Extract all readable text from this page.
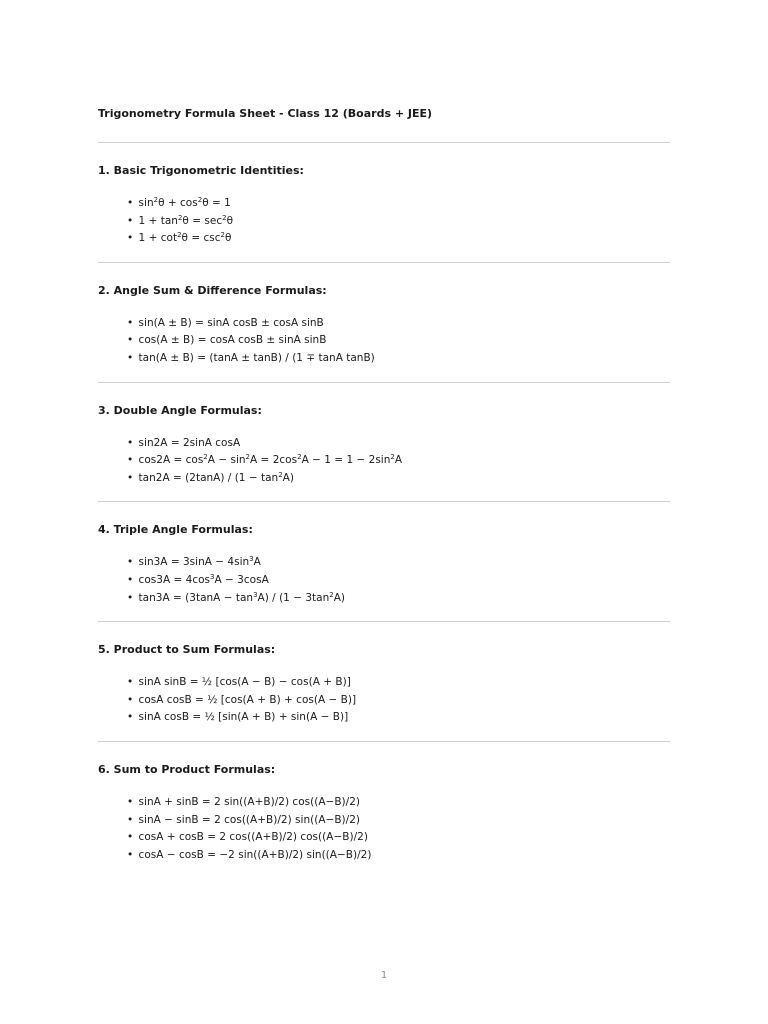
Trigonometry Formula Sheet - Class 12 (Boards + JEE)
1. Basic Trigonometric Identities:
• $\sin^2\theta + \cos^2\theta = 1$
• $1 + \tan^2\theta = \sec^2\theta$
• $1 + \cot^2\theta = \csc^2\theta$
2. Angle Sum & Difference Formulas:
• sin(A ± B) = sinA cosB ± cosA sinB
• cos(A ± B) = cosA cosB ± sinA sinB
• tan(A ± B) = (tanA ± tanB) / (1 ∓ tanA tanB)
3. Double Angle Formulas:
• sin2A = 2sinA cosA
• $\cos 2A = \cos^2A - \sin^2A = 2\cos^2A - 1 = 1 - 2\sin^2A$
• $\tan 2A = (2\tan A) / (1 - \tan^2A)$
4. Triple Angle Formulas:
• $\sin 3A = 3\sin A - 4\sin^3A$
• $\cos 3A = 4\cos^3A - 3\cos A$
• $\tan 3A = (3\tan A - \tan^3A) / (1 - 3\tan^2A)$
5. Product to Sum Formulas:
• sinA sinB = ½ [cos(A − B) − cos(A + B)]
• cosA cosB = ½ [cos(A + B) + cos(A − B)]
• sinA cosB = ½ [sin(A + B) + sin(A − B)]
6. Sum to Product Formulas:
• sinA + sinB = 2 sin((A+B)/2) cos((A−B)/2)
• sinA − sinB = 2 cos((A+B)/2) sin((A−B)/2)
• cosA + cosB = 2 cos((A+B)/2) cos((A−B)/2)
• cosA − cosB = −2 sin((A+B)/2) sin((A−B)/2)
1
